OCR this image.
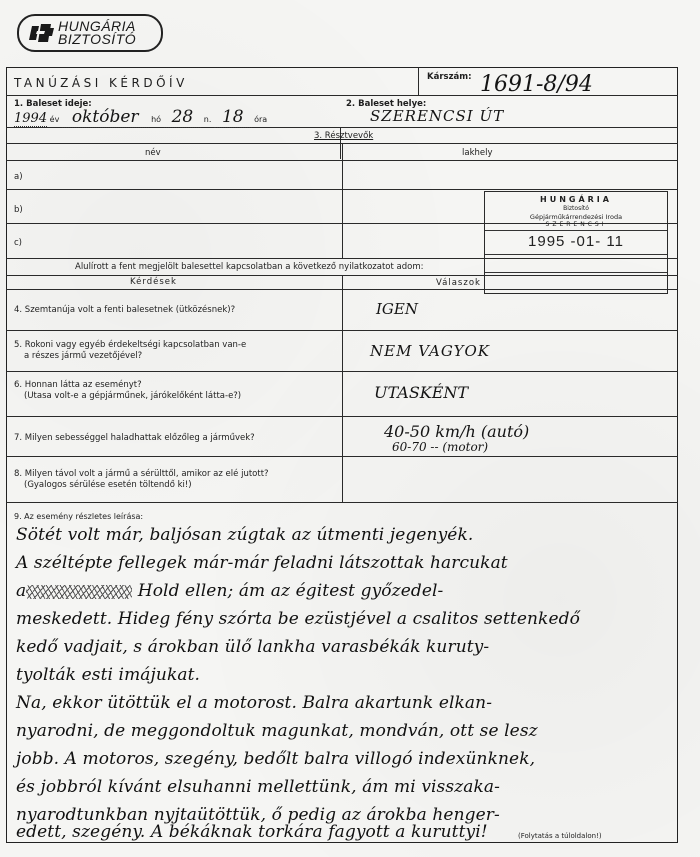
HUNGÁRIA
BIZTOSÍTÓ
TANÚZÁSI KÉRDŐÍV	Kárszám: 1691-8/94
1. Baleset ideje:
1994 év október hó 28 n. 18 óra
2. Baleset helye:
SZERENCSI ÚT
3. Résztvevők
név	lakhely
a)
b)
c)
HUNGÁRIA
Biztosító
Gépjárműkárrendezési Iroda
SZERENCSI
1995 -01- 11
Alulírott a fent megjelölt balesettel kapcsolatban a következő nyilatkozatot adom:
Kérdések	Válaszok
4. Szemtanúja volt a fenti balesetnek (ütközésnek)?	IGEN
5. Rokoni vagy egyéb érdekeltségi kapcsolatban van-e
a részes jármű vezetőjével?	NEM VAGYOK
6. Honnan látta az eseményt?
(Utasa volt-e a gépjárműnek, járókelőként látta-e?)	UTASKÉNT
7. Milyen sebességgel haladhattak előzőleg a járművek?	40-50 km/h (autó)
60-70 -- (motor)
8. Milyen távol volt a jármű a sérülttől, amikor az elé jutott?
(Gyalogos sérülése esetén töltendő ki!)
9. Az esemény részletes leírása:
Sötét volt már, baljósan zúgtak az útmenti jegenyék.
A széltépte fellegek már-már feladni látszottak harcukat
a	Hold ellen; ám az égitest győzedel-
meskedett. Hideg fény szórta be ezüstjével a csalitos settenkedő
kedő vadjait, s árokban ülő lankha varasbékák kuruty-
tyolták esti imájukat.
Na, ekkor ütöttük el a motorost. Balra akartunk elkan-
nyarodni, de meggondoltuk magunkat, mondván, ott se lesz
jobb. A motoros, szegény, bedőlt balra villogó indexünknek,
és jobbról kívánt elsuhanni mellettünk, ám mi visszaka-
nyarodtunkban nyjtaütöttük, ő pedig az árokba henger-
edett, szegény. A békáknak torkára fagyott a kuruttyi!	(Folytatás a túloldalon!)
